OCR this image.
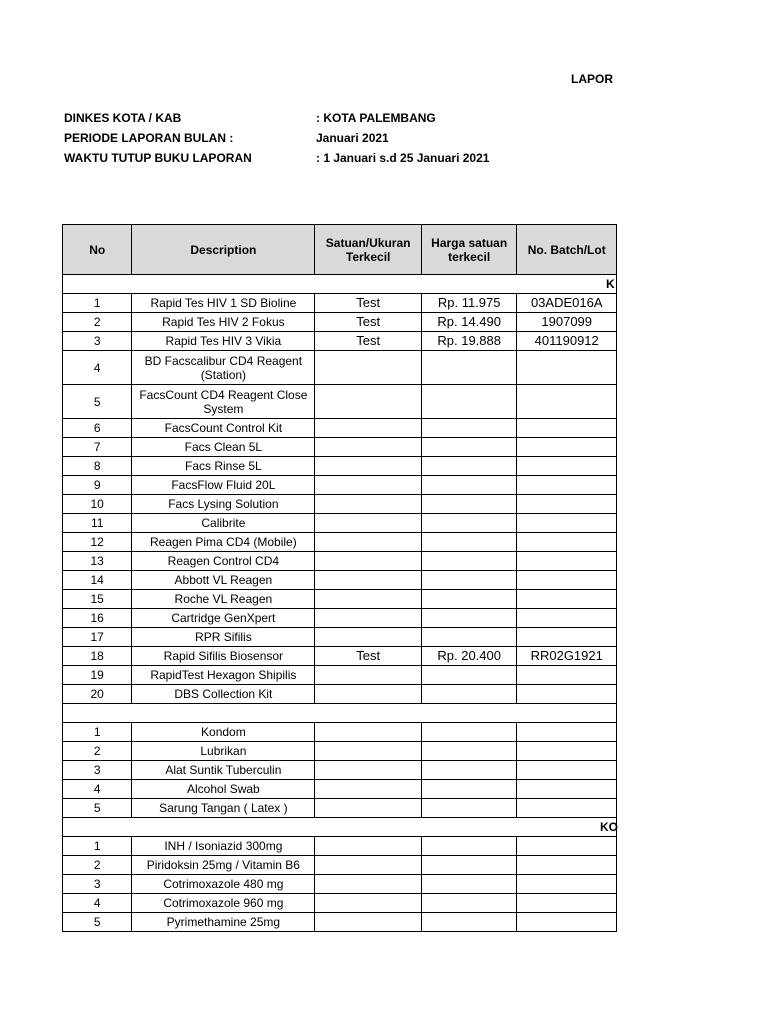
LAPOR
DINKES KOTA / KAB	: KOTA PALEMBANG
PERIODE LAPORAN BULAN :	Januari 2021
WAKTU TUTUP BUKU LAPORAN	: 1 Januari s.d 25 Januari 2021
No	Description	Satuan/Ukuran Terkecil	Harga satuan terkecil	No. Batch/Lot
K				
1	Rapid Tes HIV 1 SD Bioline	Test	Rp. 11.975	03ADE016A
2	Rapid Tes HIV 2 Fokus	Test	Rp. 14.490	1907099
3	Rapid Tes HIV 3 Vikia	Test	Rp. 19.888	401190912
4	BD Facscalibur CD4 Reagent (Station)			
5	FacsCount CD4 Reagent Close System			
6	FacsCount Control Kit			
7	Facs Clean 5L			
8	Facs Rinse 5L			
9	FacsFlow Fluid 20L			
10	Facs Lysing Solution			
11	Calibrite			
12	Reagen Pima CD4 (Mobile)			
13	Reagen Control CD4			
14	Abbott VL Reagen			
15	Roche VL Reagen			
16	Cartridge GenXpert			
17	RPR Sifilis			
18	Rapid Sifilis Biosensor	Test	Rp. 20.400	RR02G1921
19	RapidTest Hexagon Shipilis			
20	DBS Collection Kit			

1	Kondom			
2	Lubrikan			
3	Alat Suntik Tuberculin			
4	Alcohol Swab			
5	Sarung Tangan ( Latex )			
KO				
1	INH / Isoniazid 300mg			
2	Piridoksin 25mg / Vitamin B6			
3	Cotrimoxazole 480 mg			
4	Cotrimoxazole 960 mg			
5	Pyrimethamine 25mg			
